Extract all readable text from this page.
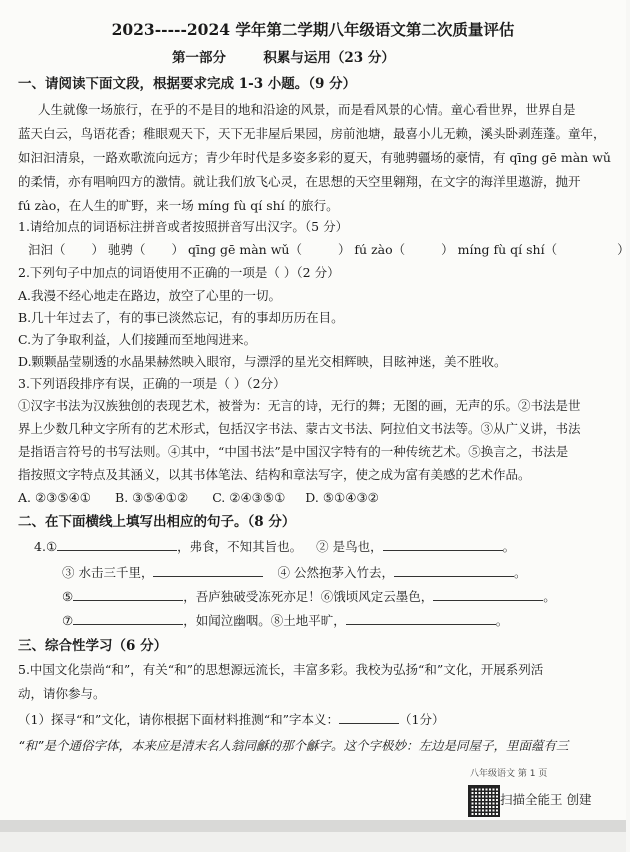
2023-----2024 学年第二学期八年级语文第二次质量评估
第一部分	积累与运用（23 分）
一、请阅读下面文段，根据要求完成 1-3 小题。（9 分）
人生就像一场旅行，在乎的不是目的地和沿途的风景，而是看风景的心情。童心看世界，世界自是
蓝天白云，鸟语花香；稚眼观天下，天下无非屋后果园，房前池塘，最喜小儿无赖，溪头卧剥莲蓬。童年，
如汩汩清泉，一路欢歌流向远方；青少年时代是多姿多彩的夏天，有驰骋疆场的豪情，有 qīng gē màn wǔ
的柔情，亦有唱响四方的激情。就让我们放飞心灵，在思想的天空里翱翔，在文字的海洋里遨游，抛开
fú zào，在人生的旷野，来一场 míng fù qí shí 的旅行。
1.请给加点的词语标注拼音或者按照拼音写出汉字。（5 分）
汩汩（ ） 驰骋（ ） qīng gē màn wǔ（	） fú zào（	） míng fù qí shí（	）
2.下列句子中加点的词语使用不正确的一项是（ ）（2 分）
A.我漫不经心地走在路边，放空了心里的一切。
B.几十年过去了，有的事已淡然忘记，有的事却历历在目。
C.为了争取利益，人们接踵而至地闯进来。
D.颗颗晶莹剔透的水晶果赫然映入眼帘，与漂浮的星光交相辉映，目眩神迷，美不胜收。
3.下列语段排序有误，正确的一项是（ ）（2分）
①汉字书法为汉族独创的表现艺术，被誉为：无言的诗，无行的舞；无图的画，无声的乐。②书法是世
界上少数几种文字所有的艺术形式，包括汉字书法、蒙古文书法、阿拉伯文书法等。③从广义讲，书法
是指语言符号的书写法则。④其中，“中国书法”是中国汉字特有的一种传统艺术。⑤换言之，书法是
指按照文字特点及其涵义，以其书体笔法、结构和章法写字，使之成为富有美感的艺术作品。
A. ②③⑤④① B. ③⑤④①② C. ②④③⑤① D. ⑤①④③②
二、在下面横线上填写出相应的句子。（8 分）
4.①	，弗食，不知其旨也。 ② 是鸟也，	。
③ 水击三千里，	④ 公然抱茅入竹去，	。
⑤	，吾庐独破受冻死亦足！⑥饿顷风定云墨色，	。
⑦	，如闻泣幽咽。⑧土地平旷，	。
三、综合性学习（6 分）
5.中国文化崇尚“和”，有关“和”的思想源远流长，丰富多彩。我校为弘扬“和”文化，开展系列活
动，请你参与。
（1）探寻“和”文化，请你根据下面材料推测“和”字本义：	（1分）
“和”是个通俗字体，本来应是清末名人翁同龢的那个龢字。这个字极妙：左边是同屋子，里面蕴有三
八年级语文 第 1 页
扫描全能王 创建
